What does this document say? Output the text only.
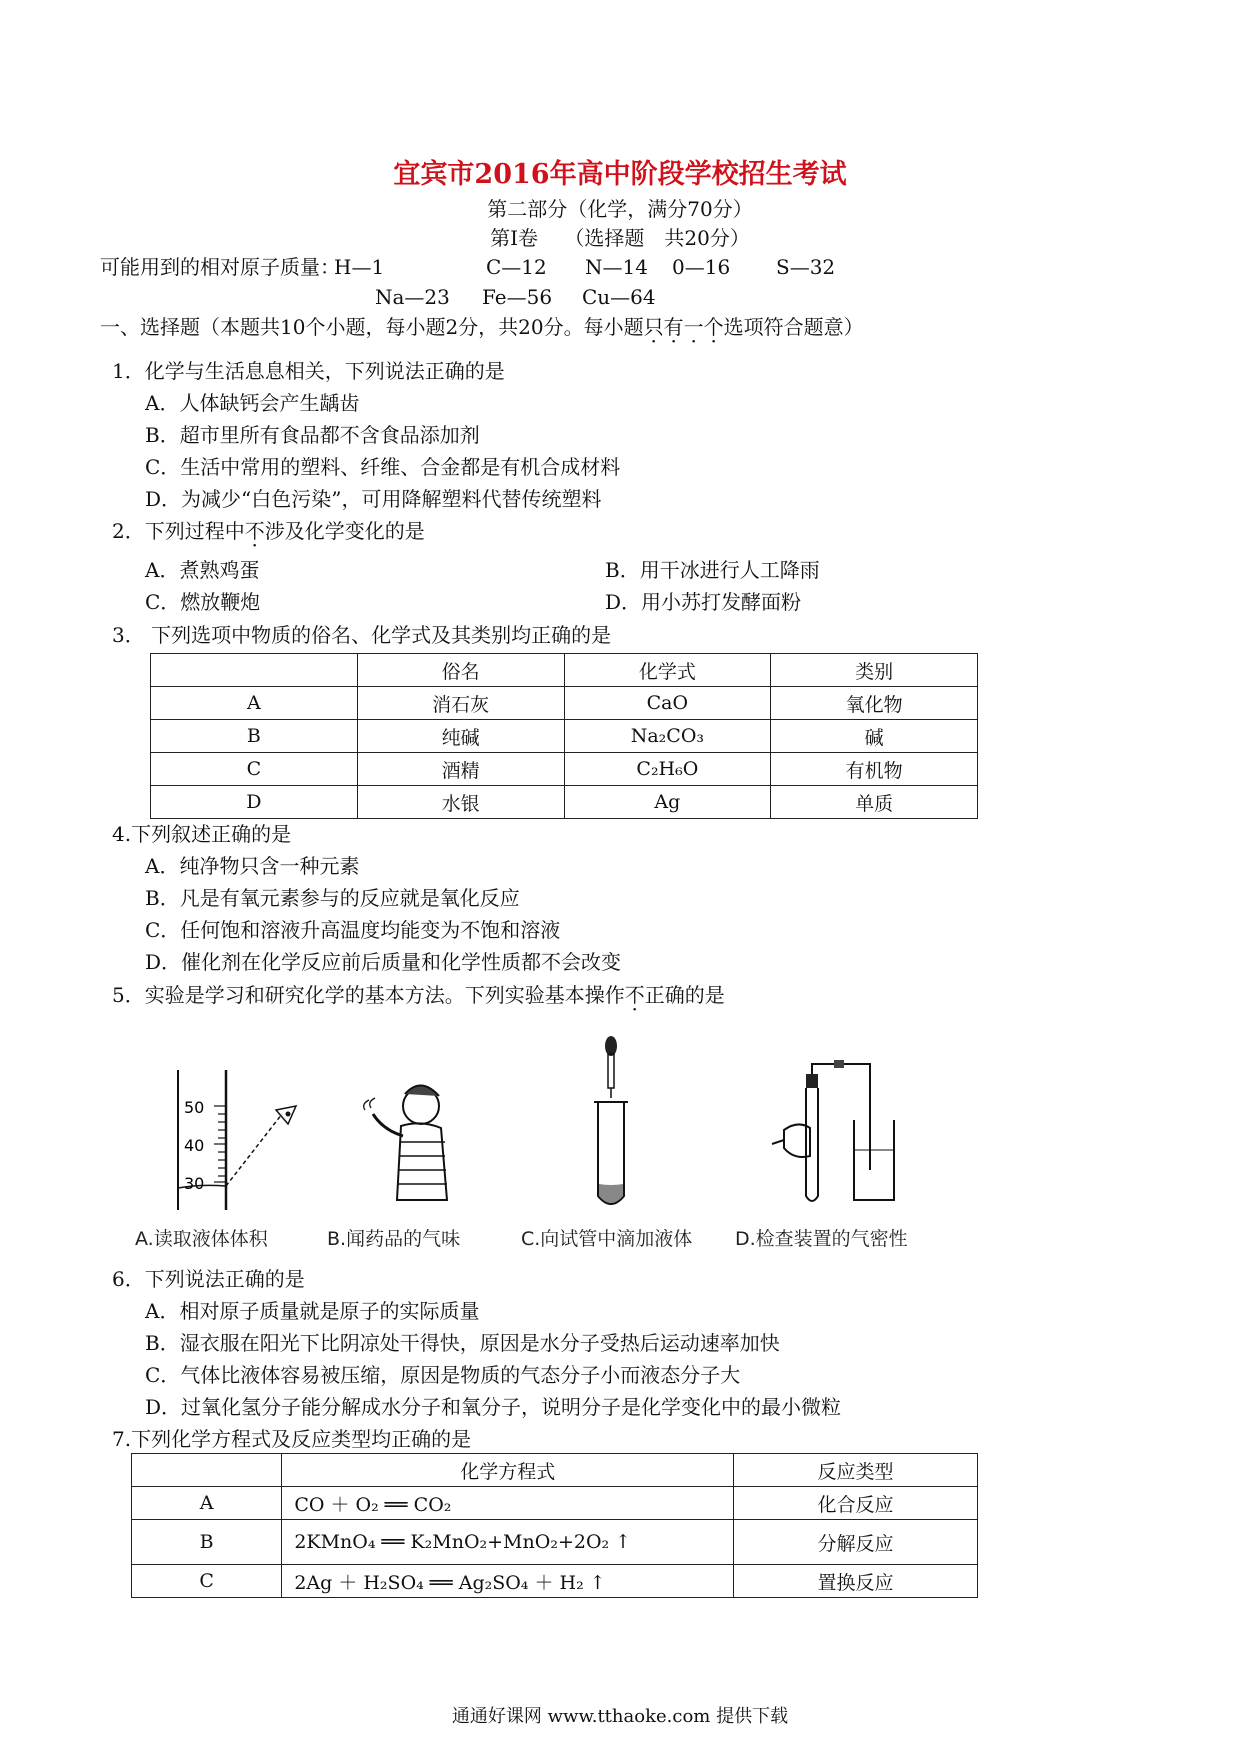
宜宾市2016年高中阶段学校招生考试
第二部分（化学，满分70分）
第Ⅰ卷　 （选择题　共20分）
可能用到的相对原子质量：
H—1	C—12 N—14 0—16 S—32
Na—23 Fe—56 Cu—64
一、选择题（本题共10个小题，每小题2分，共20分。每小题只有一个选项符合题意）
1．化学与生活息息相关，下列说法正确的是
A．人体缺钙会产生龋齿
B．超市里所有食品都不含食品添加剂
C．生活中常用的塑料、纤维、合金都是有机合成材料
D．为减少“白色污染”，可用降解塑料代替传统塑料
2．下列过程中不涉及化学变化的是
A．煮熟鸡蛋	B．用干冰进行人工降雨
C．燃放鞭炮	D．用小苏打发酵面粉
3． 下列选项中物质的俗名、化学式及其类别均正确的是
	俗名	化学式	类别
A	消石灰	CaO	氧化物
B	纯碱	Na₂CO₃	碱
C	酒精	C₂H₆O	有机物
D	水银	Ag	单质
4.下列叙述正确的是
A．纯净物只含一种元素
B．凡是有氧元素参与的反应就是氧化反应
C．任何饱和溶液升高温度均能变为不饱和溶液
D．催化剂在化学反应前后质量和化学性质都不会改变
5．实验是学习和研究化学的基本方法。下列实验基本操作不正确的是
50
40
30
A.读取液体体积	B.闻药品的气味	C.向试管中滴加液体 D.检查装置的气密性
6．下列说法正确的是
A．相对原子质量就是原子的实际质量
B．湿衣服在阳光下比阴凉处干得快，原因是水分子受热后运动速率加快
C．气体比液体容易被压缩，原因是物质的气态分子小而液态分子大
D．过氧化氢分子能分解成水分子和氧分子，说明分子是化学变化中的最小微粒
7.下列化学方程式及反应类型均正确的是
	化学方程式	反应类型
A	CO ＋ O₂ ══ CO₂	化合反应
B	2KMnO₄ ══ K₂MnO₂+MnO₂+2O₂ ↑	分解反应
C	2Ag ＋ H₂SO₄ ══ Ag₂SO₄ ＋ H₂ ↑	置换反应
通通好课网 www.tthaoke.com 提供下载
